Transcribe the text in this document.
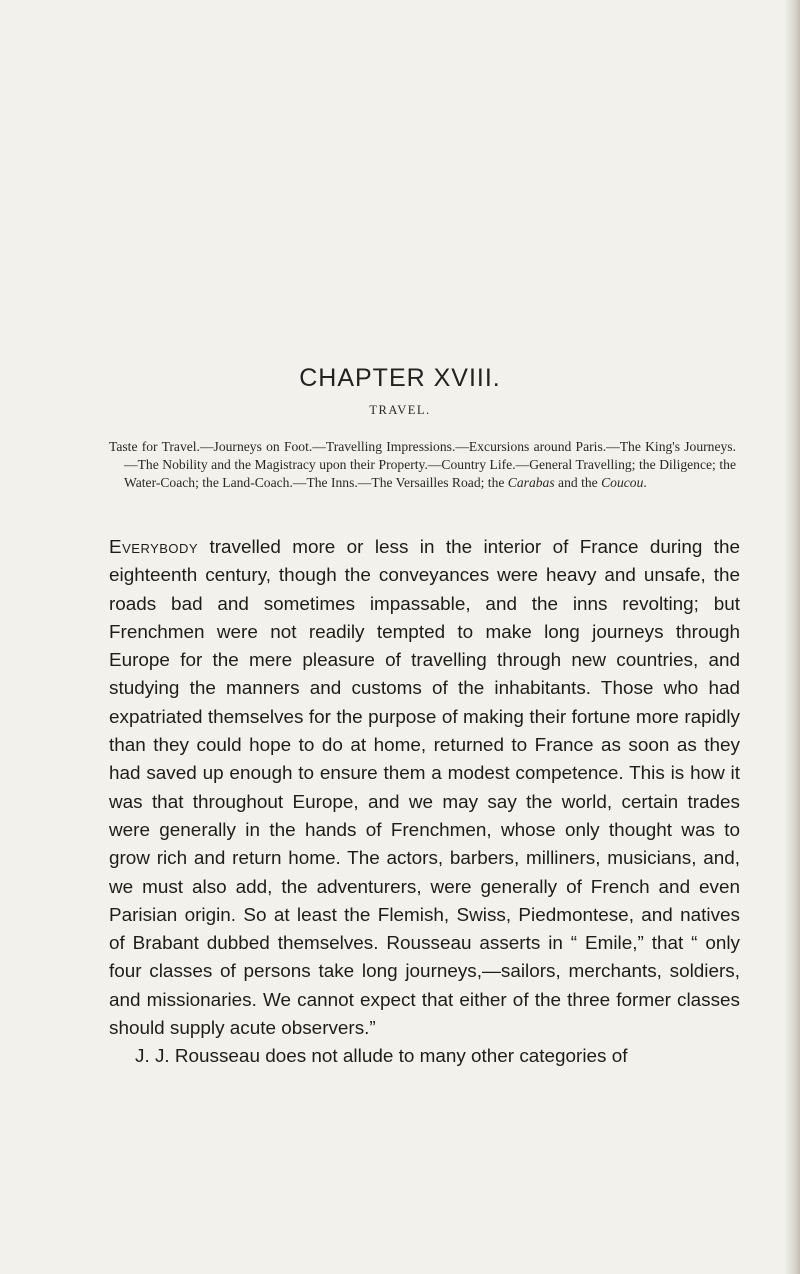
CHAPTER XVIII.
TRAVEL.
Taste for Travel.—Journeys on Foot.—Travelling Impressions.—Excursions around Paris.—The King's Journeys.—The Nobility and the Magistracy upon their Property.—Country Life.—General Travelling; the Diligence; the Water-Coach; the Land-Coach.—The Inns.—The Versailles Road; the Carabas and the Coucou.

Everybody travelled more or less in the interior of France during the eighteenth century, though the conveyances were heavy and unsafe, the roads bad and sometimes impassable, and the inns revolting; but Frenchmen were not readily tempted to make long journeys through Europe for the mere pleasure of travelling through new countries, and studying the manners and customs of the inhabitants. Those who had expatriated themselves for the purpose of making their fortune more rapidly than they could hope to do at home, returned to France as soon as they had saved up enough to ensure them a modest competence. This is how it was that throughout Europe, and we may say the world, certain trades were generally in the hands of Frenchmen, whose only thought was to grow rich and return home. The actors, barbers, milliners, musicians, and, we must also add, the adventurers, were generally of French and even Parisian origin. So at least the Flemish, Swiss, Piedmontese, and natives of Brabant dubbed themselves. Rousseau asserts in “ Emile,” that “ only four classes of persons take long journeys,—sailors, merchants, soldiers, and missionaries. We cannot expect that either of the three former classes should supply acute observers.”

J. J. Rousseau does not allude to many other categories of
